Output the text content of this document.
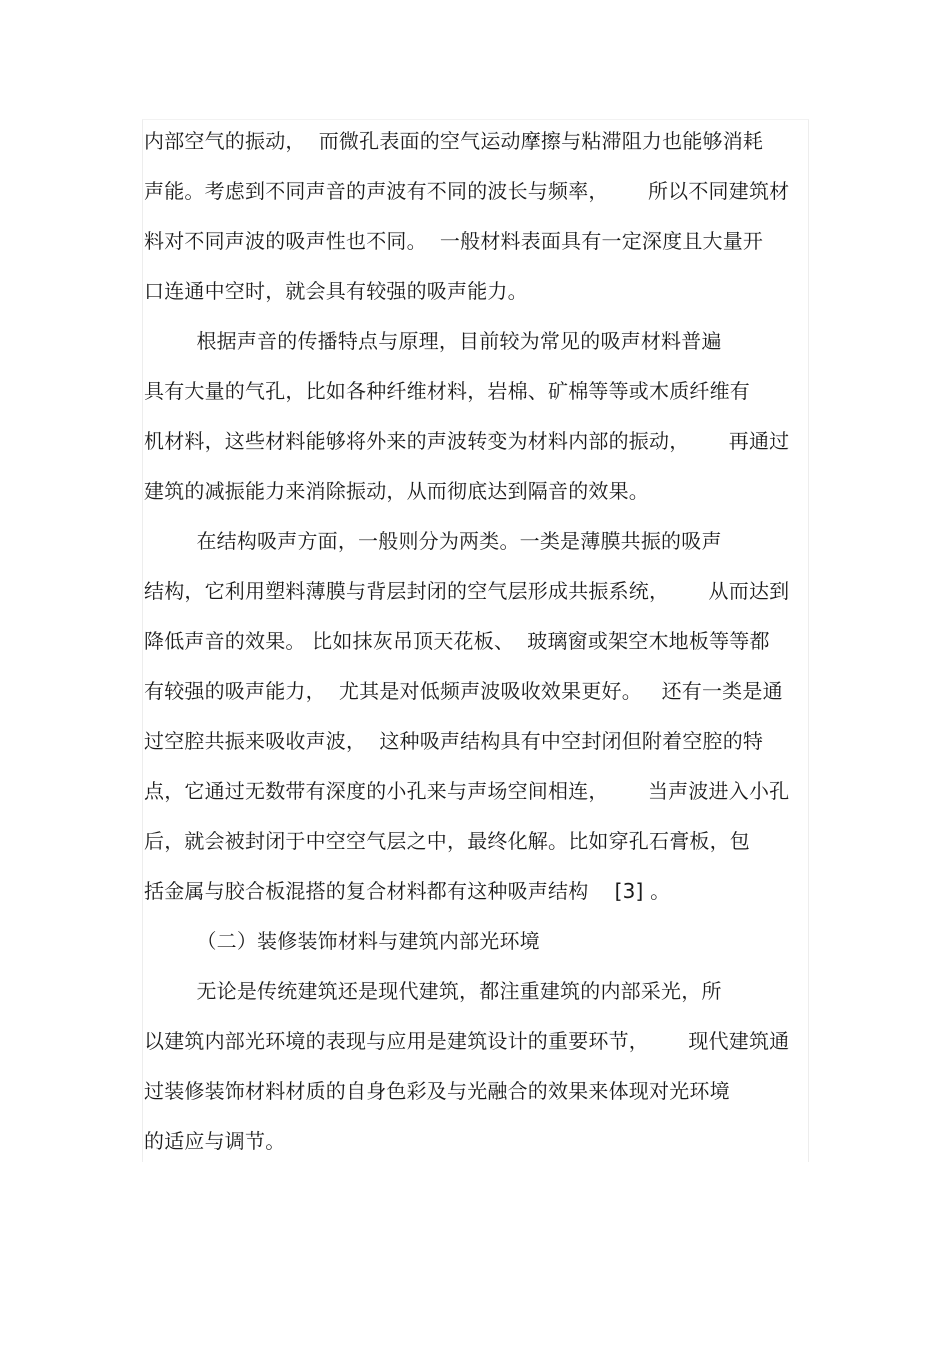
内部空气的振动，  而微孔表面的空气运动摩擦与粘滞阻力也能够消耗
声能。考虑到不同声音的声波有不同的波长与频率，      所以不同建筑材
料对不同声波的吸声性也不同。  一般材料表面具有一定深度且大量开
口连通中空时，就会具有较强的吸声能力。
根据声音的传播特点与原理，目前较为常见的吸声材料普遍
具有大量的气孔，比如各种纤维材料，岩棉、矿棉等等或木质纤维有
机材料，这些材料能够将外来的声波转变为材料内部的振动，      再通过
建筑的减振能力来消除振动，从而彻底达到隔音的效果。
在结构吸声方面，一般则分为两类。一类是薄膜共振的吸声
结构，它利用塑料薄膜与背层封闭的空气层形成共振系统，      从而达到
降低声音的效果。 比如抹灰吊顶天花板、  玻璃窗或架空木地板等等都
有较强的吸声能力，  尤其是对低频声波吸收效果更好。   还有一类是通
过空腔共振来吸收声波，  这种吸声结构具有中空封闭但附着空腔的特
点，它通过无数带有深度的小孔来与声场空间相连，      当声波进入小孔
后，就会被封闭于中空空气层之中，最终化解。比如穿孔石膏板，包
括金属与胶合板混搭的复合材料都有这种吸声结构    [3] 。
（二）装修装饰材料与建筑内部光环境
无论是传统建筑还是现代建筑，都注重建筑的内部采光，所
以建筑内部光环境的表现与应用是建筑设计的重要环节，      现代建筑通
过装修装饰材料材质的自身色彩及与光融合的效果来体现对光环境
的适应与调节。
